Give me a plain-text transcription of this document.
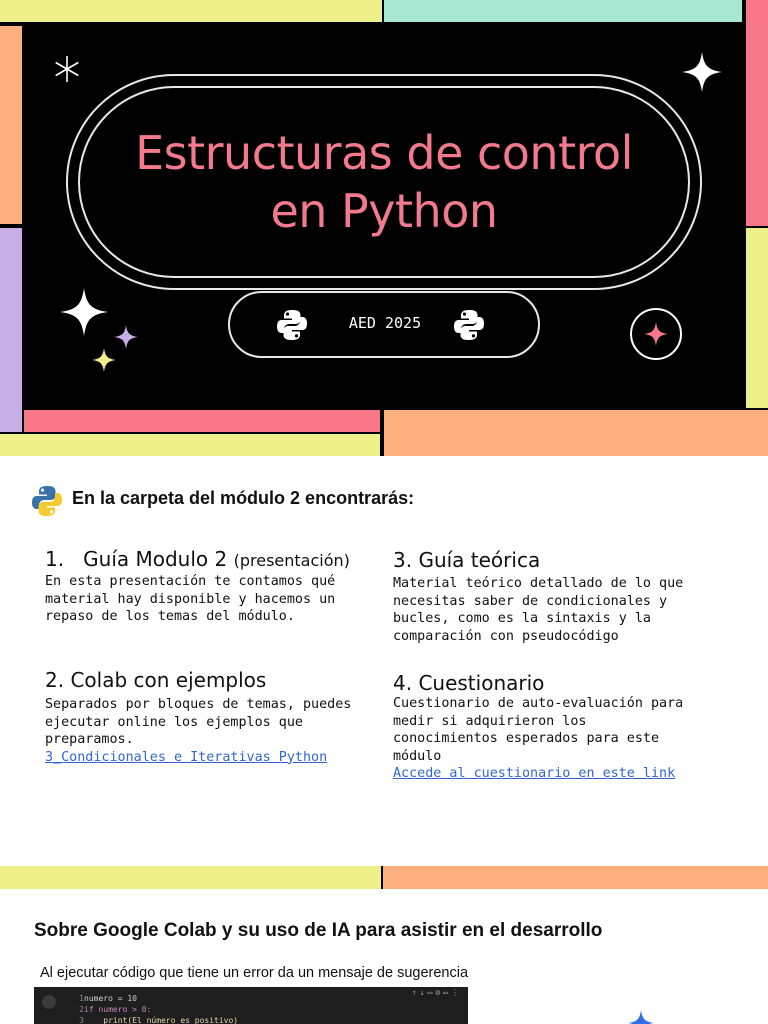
Estructuras de control
en Python
AED 2025
En la carpeta del módulo 2 encontrarás:
1.   Guía Modulo 2 (presentación)
En esta presentación te contamos qué material hay disponible y hacemos un repaso de los temas del módulo.
2. Colab con ejemplos
Separados por bloques de temas, puedes ejecutar online los ejemplos que preparamos.
3_Condicionales e Iterativas Python
3. Guía teórica
Material teórico detallado de lo que necesitas saber de condicionales y bucles, como es la sintaxis y la comparación con pseudocódigo
4. Cuestionario
Cuestionario de auto-evaluación para medir si adquirieron los conocimientos esperados para este módulo
Accede al cuestionario en este link
Sobre Google Colab y su uso de IA para asistir en el desarrollo
Al ejecutar código que tiene un error da un mensaje de sugerencia
↑↓▭⚙▭⋮
1 numero = 10
2 if numero > 0:
3 print(El número es positivo)
